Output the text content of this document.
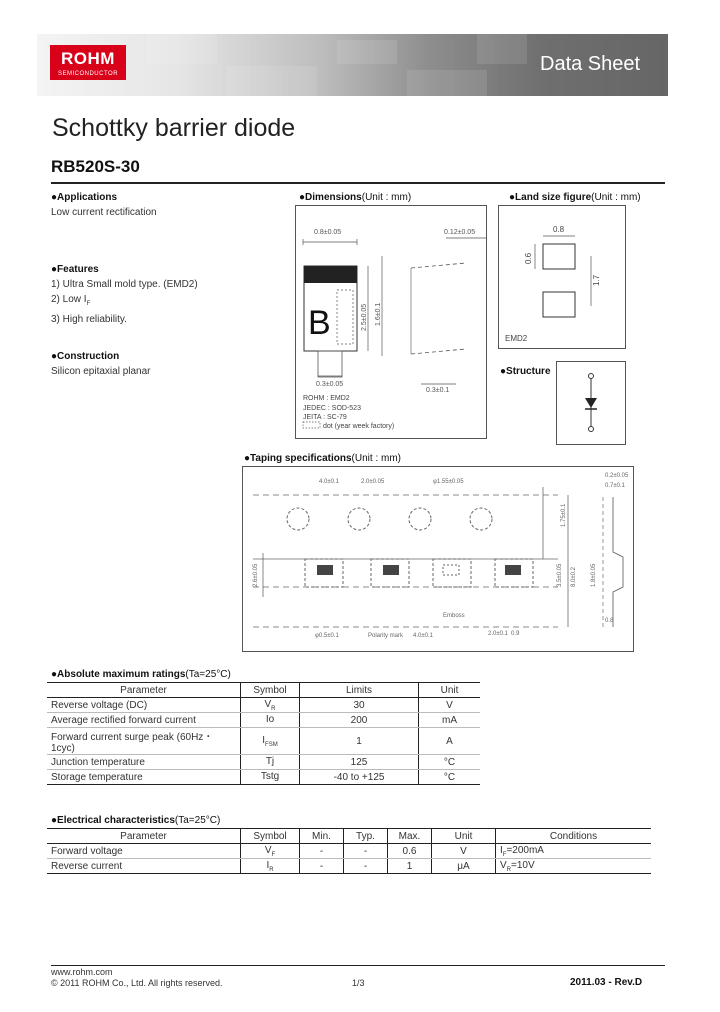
ROHM
SEMICONDUCTOR	Data Sheet
Schottky barrier diode
RB520S-30
●Applications
Low current rectification
●Features
1) Ultra Small mold type. (EMD2)
2) Low $I_F$
3) High reliability.
●Construction
Silicon epitaxial planar
●Dimensions(Unit : mm)
0.8±0.05
B	2.5±0.05 1.6±0.1
0.12±0.05
0.3±0.1
0.3±0.05
ROHM : EMD2
JEDEC : SOD-523
JEITA : SC-79
dot (year week factory)
●Land size figure(Unit : mm)
0.8
0.6
1.7
EMD2
●Structure
●Taping specifications(Unit : mm)
4.0±0.1	2.0±0.05	φ1.55±0.05
1.75±0.1
3.5±0.05 8.0±0.2
4.0±0.1	0.9
2.0±0.1
Emboss
Polarity mark
φ0.5±0.1
0.2±0.05
0.7±0.1
0.8
2.6±0.05	1.8±0.05
●Absolute maximum ratings(Ta=25°C)
Parameter	Symbol	Limits	Unit
Reverse voltage (DC)	$V_R$	30	V
Average rectified forward current	Io	200	mA
Forward current surge peak (60Hz・1cyc)	$I_{FSM}$	1	A
Junction temperature	Tj	125	°C
Storage temperature	Tstg	-40 to +125	°C
●Electrical characteristics(Ta=25°C)
Parameter	Symbol	Min.	Typ.	Max.	Unit	Conditions
Forward voltage	$V_F$	-	-	0.6	V	$I_F=200mA$
Reverse current	$I_R$	-	-	1	μA	$V_R=10V$
www.rohm.com
© 2011 ROHM Co., Ltd. All rights reserved.	1/3	2011.03 - Rev.D
